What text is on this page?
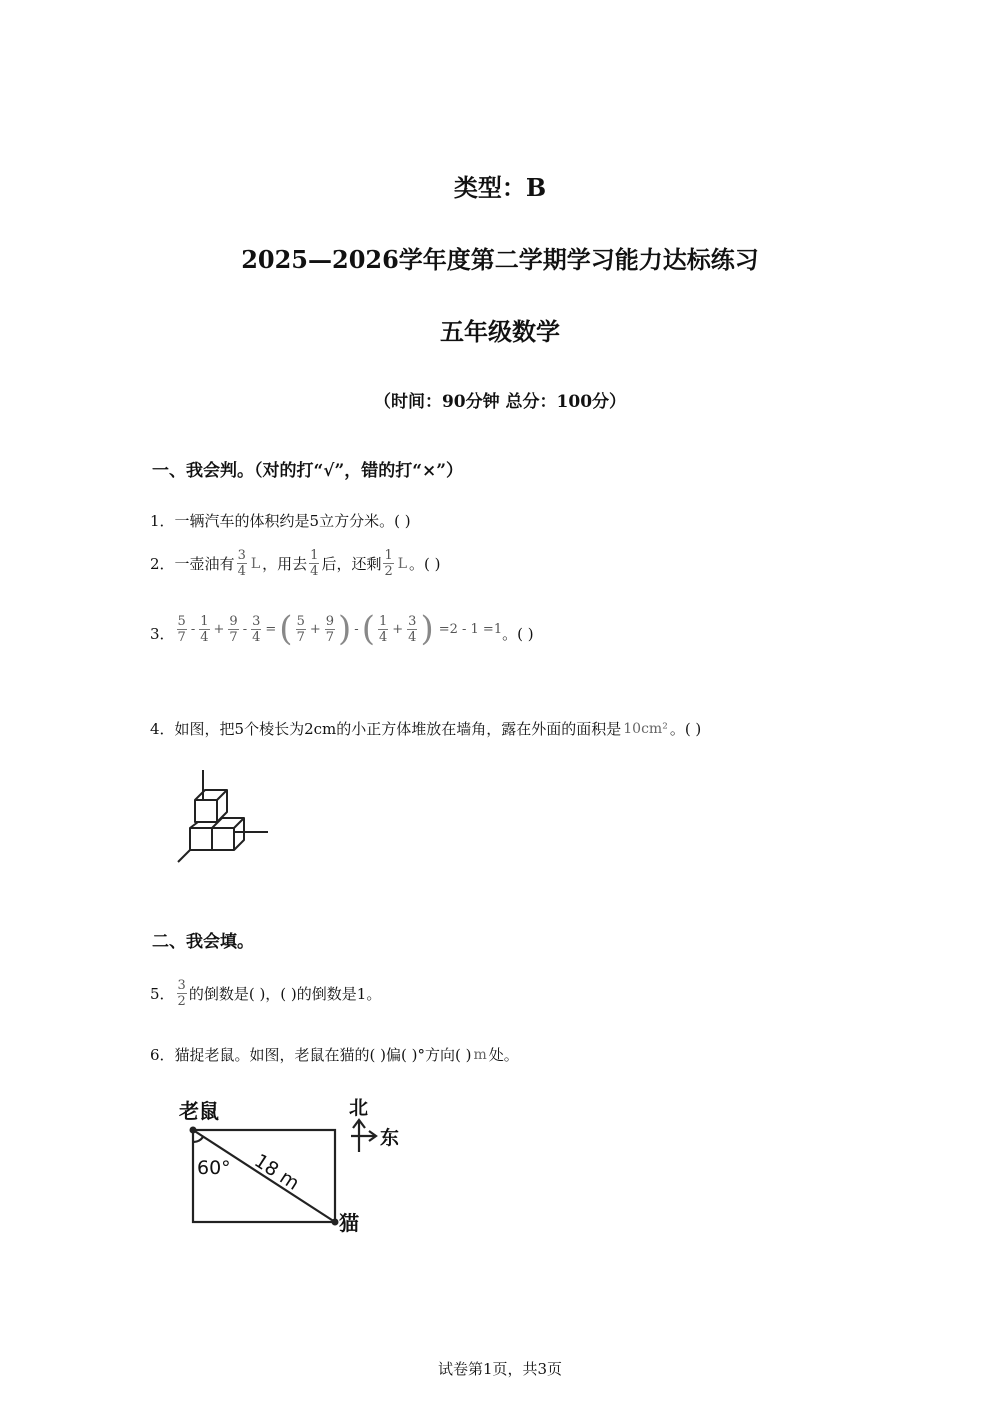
类型：B
2025—2026学年度第二学期学习能力达标练习
五年级数学
（时间：90分钟 总分：100分）
一、我会判。（对的打“√”，错的打“×”）
1． 一辆汽车的体积约是5立方分米。( )
2． 一壶油有 $\frac{3}{4}$ L ，用去 $\frac{1}{4}$ 后，还剩 $\frac{1}{2}$ L 。( )
3． $\frac{5}{7} - \frac{1}{4} + \frac{9}{7} - \frac{3}{4}$ = ( $\frac{5}{7} + \frac{9}{7}$ ) - ( $\frac{1}{4} + \frac{3}{4}$ ) =2 - 1 =1 。( )
4． 如图，把5个棱长为2cm的小正方体堆放在墙角，露在外面的面积是 10cm² 。( )
二、我会填。
5． $\frac{3}{2}$ 的倒数是( )，( )的倒数是1。
6． 猫捉老鼠。如图，老鼠在猫的( )偏( )°方向( ) m 处。
老鼠
猫
北
东
60° 18 m
试卷第1页，共3页
